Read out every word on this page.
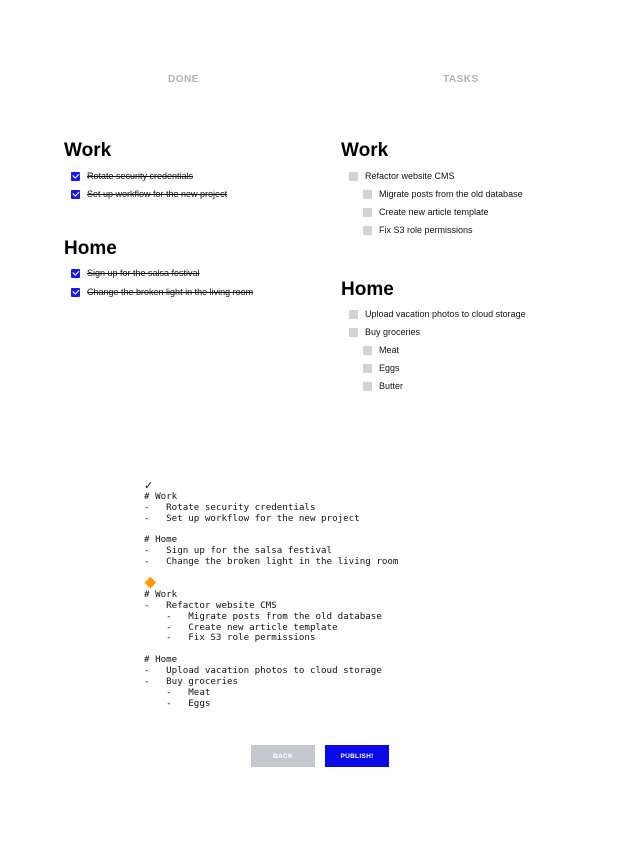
DONE	TASKS
Work
Rotate security credentials
Set up workflow for the new project
Home
Sign up for the salsa festival
Change the broken light in the living room
Work
Refactor website CMS
Migrate posts from the old database
Create new article template
Fix S3 role permissions
Home
Upload vacation photos to cloud storage
Buy groceries
Meat
Eggs
Butter
✓
# Work
-   Rotate security credentials
-   Set up workflow for the new project
# Home
-   Sign up for the salsa festival
-   Change the broken light in the living room
🔶
# Work
-   Refactor website CMS
-   Migrate posts from the old database
-   Create new article template
-   Fix S3 role permissions
# Home
-   Upload vacation photos to cloud storage
-   Buy groceries
-   Meat
-   Eggs
BACK	PUBLISH!
